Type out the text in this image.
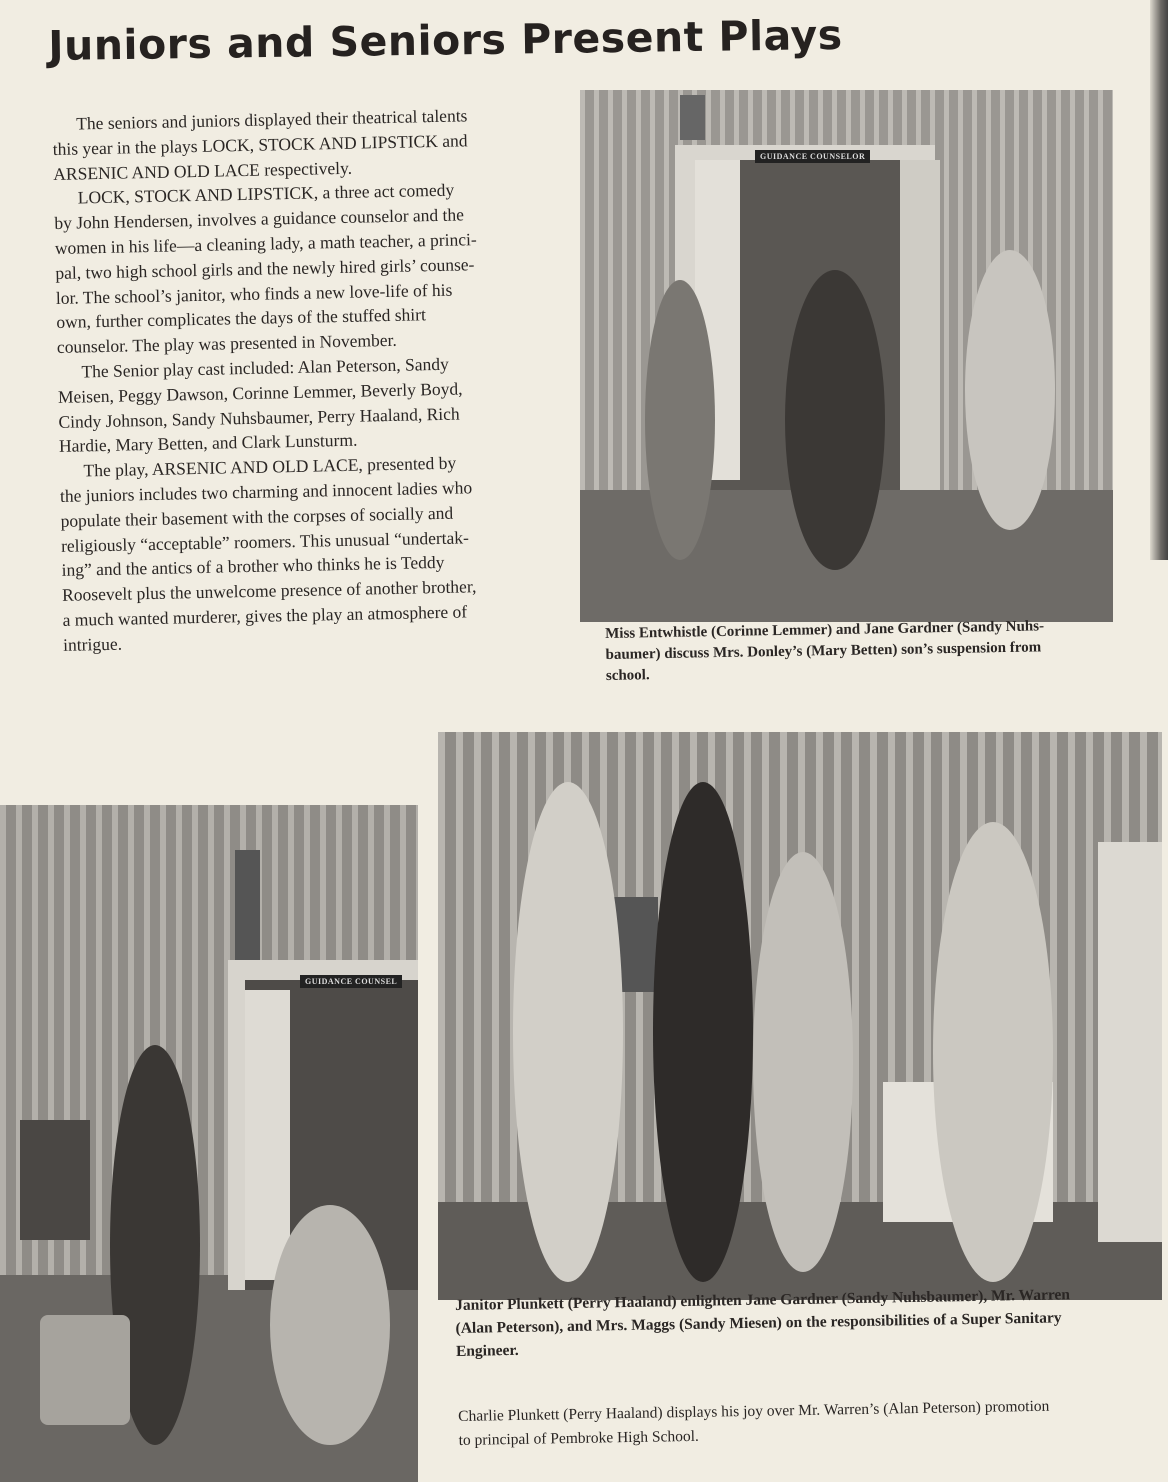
Juniors and Seniors Present Plays
The seniors and juniors displayed their theatrical talents
this year in the plays LOCK, STOCK AND LIPSTICK and
ARSENIC AND OLD LACE respectively.
LOCK, STOCK AND LIPSTICK, a three act comedy
by John Hendersen, involves a guidance counselor and the
women in his life—a cleaning lady, a math teacher, a princi-
pal, two high school girls and the newly hired girls’ counse-
lor. The school’s janitor, who finds a new love-life of his
own, further complicates the days of the stuffed shirt
counselor. The play was presented in November.
The Senior play cast included: Alan Peterson, Sandy
Meisen, Peggy Dawson, Corinne Lemmer, Beverly Boyd,
Cindy Johnson, Sandy Nuhsbaumer, Perry Haaland, Rich
Hardie, Mary Betten, and Clark Lunsturm.
The play, ARSENIC AND OLD LACE, presented by
the juniors includes two charming and innocent ladies who
populate their basement with the corpses of socially and
religiously “acceptable” roomers. This unusual “undertak-
ing” and the antics of a brother who thinks he is Teddy
Roosevelt plus the unwelcome presence of another brother,
a much wanted murderer, gives the play an atmosphere of
intrigue.
GUIDANCE COUNSELOR
Miss Entwhistle (Corinne Lemmer) and Jane Gardner (Sandy Nuhs-
baumer) discuss Mrs. Donley’s (Mary Betten) son’s suspension from
school.
GUIDANCE COUNSEL
Janitor Plunkett (Perry Haaland) enlighten Jane Gardner (Sandy Nuhsbaumer), Mr. Warren
(Alan Peterson), and Mrs. Maggs (Sandy Miesen) on the responsibilities of a Super Sanitary
Engineer.
Charlie Plunkett (Perry Haaland) displays his joy over Mr. Warren’s (Alan Peterson) promotion
to principal of Pembroke High School.
